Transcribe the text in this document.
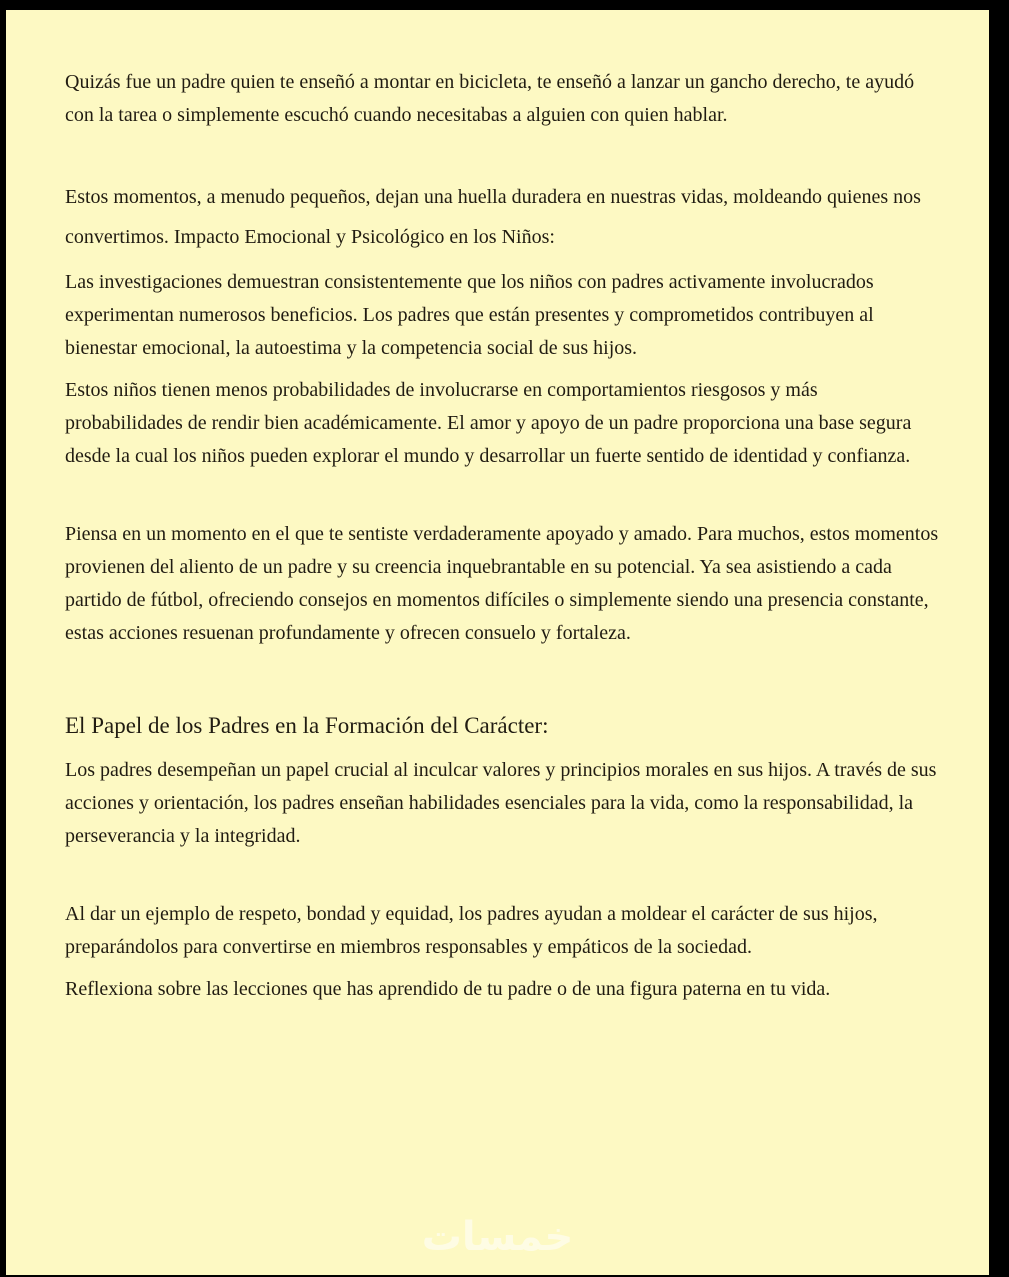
Quizás fue un padre quien te enseñó a montar en bicicleta, te enseñó a lanzar un gancho derecho, te ayudó con la tarea o simplemente escuchó cuando necesitabas a alguien con quien hablar.

Estos momentos, a menudo pequeños, dejan una huella duradera en nuestras vidas, moldeando quienes nos convertimos. Impacto Emocional y Psicológico en los Niños:

Las investigaciones demuestran consistentemente que los niños con padres activamente involucrados experimentan numerosos beneficios. Los padres que están presentes y comprometidos contribuyen al bienestar emocional, la autoestima y la competencia social de sus hijos.

Estos niños tienen menos probabilidades de involucrarse en comportamientos riesgosos y más probabilidades de rendir bien académicamente. El amor y apoyo de un padre proporciona una base segura desde la cual los niños pueden explorar el mundo y desarrollar un fuerte sentido de identidad y confianza.

Piensa en un momento en el que te sentiste verdaderamente apoyado y amado. Para muchos, estos momentos provienen del aliento de un padre y su creencia inquebrantable en su potencial. Ya sea asistiendo a cada partido de fútbol, ofreciendo consejos en momentos difíciles o simplemente siendo una presencia constante, estas acciones resuenan profundamente y ofrecen consuelo y fortaleza.

El Papel de los Padres en la Formación del Carácter:

Los padres desempeñan un papel crucial al inculcar valores y principios morales en sus hijos. A través de sus acciones y orientación, los padres enseñan habilidades esenciales para la vida, como la responsabilidad, la perseverancia y la integridad.

Al dar un ejemplo de respeto, bondad y equidad, los padres ayudan a moldear el carácter de sus hijos, preparándolos para convertirse en miembros responsables y empáticos de la sociedad.

Reflexiona sobre las lecciones que has aprendido de tu padre o de una figura paterna en tu vida.

خمسات
